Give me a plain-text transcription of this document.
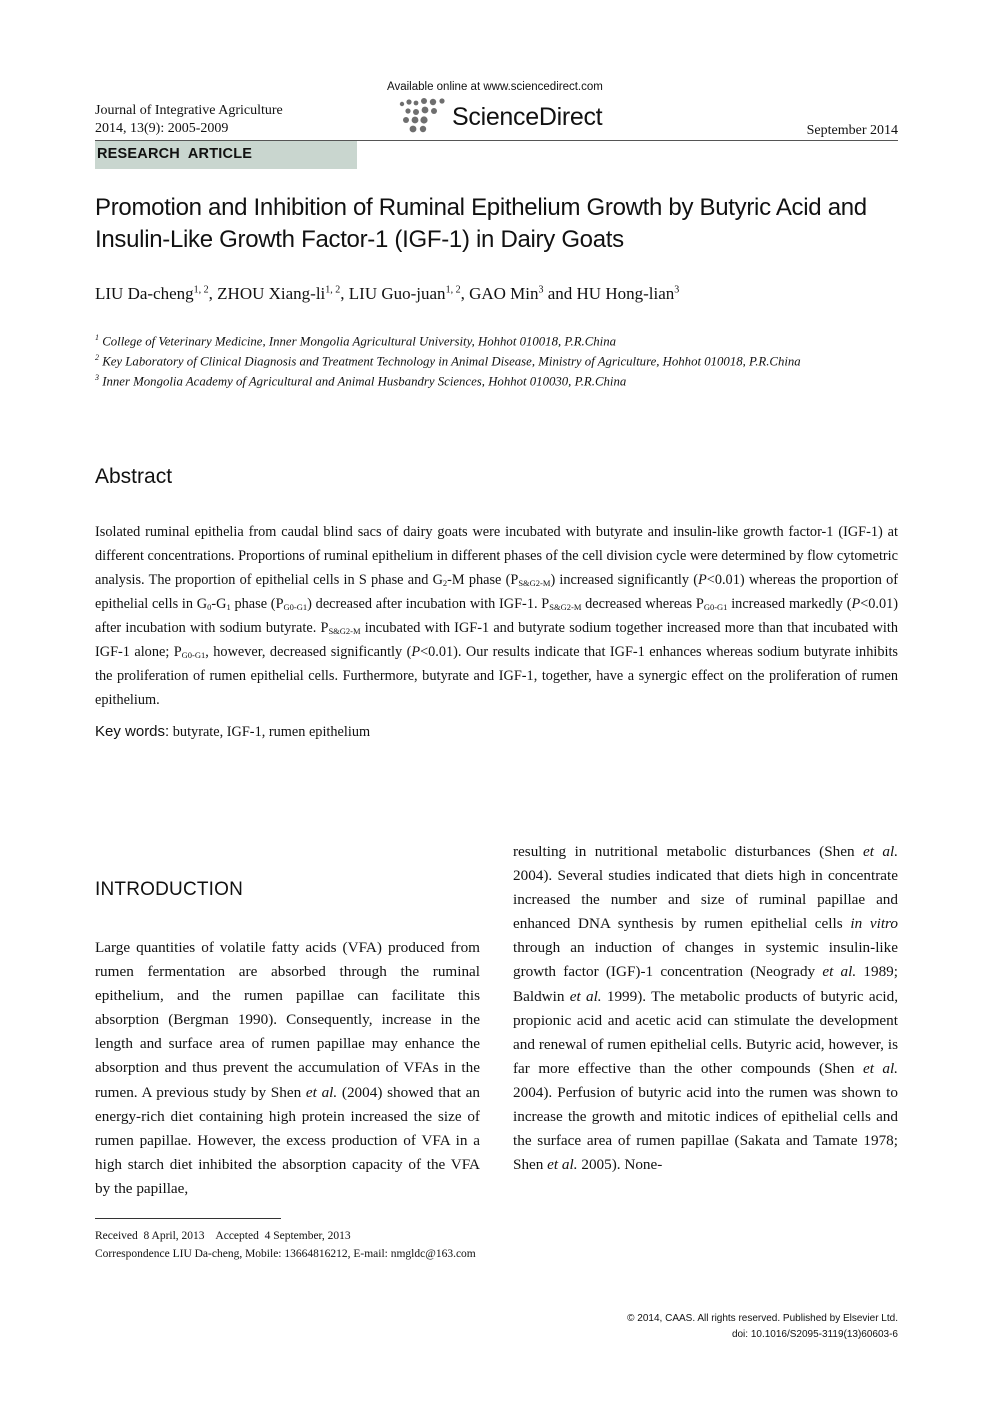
Journal of Integrative Agriculture
2014, 13(9): 2005-2009
Available online at www.sciencedirect.com
ScienceDirect	September 2014
RESEARCH  ARTICLE
Promotion and Inhibition of Ruminal Epithelium Growth by Butyric Acid and Insulin-Like Growth Factor-1 (IGF-1) in Dairy Goats
LIU Da-cheng$^{1, 2}$, ZHOU Xiang-li$^{1, 2}$, LIU Guo-juan$^{1, 2}$, GAO Min$^3$ and HU Hong-lian$^3$
$^1$ College of Veterinary Medicine, Inner Mongolia Agricultural University, Hohhot 010018, P.R.China
$^2$ Key Laboratory of Clinical Diagnosis and Treatment Technology in Animal Disease, Ministry of Agriculture, Hohhot 010018, P.R.China
$^3$ Inner Mongolia Academy of Agricultural and Animal Husbandry Sciences, Hohhot 010030, P.R.China
Abstract
Isolated ruminal epithelia from caudal blind sacs of dairy goats were incubated with butyrate and insulin-like growth factor-1 (IGF-1) at different concentrations. Proportions of ruminal epithelium in different phases of the cell division cycle were determined by flow cytometric analysis. The proportion of epithelial cells in S phase and $G_2-M$ phase $(P_{S\&G2-M})$ increased significantly (P<0.01) whereas the proportion of epithelial cells in $G_0-G_1$ phase $(P_{G0-G1})$ decreased after incubation with IGF-1. $P_{S\&G2-M}$ decreased whereas $P_{G0-G1}$ increased markedly (P<0.01) after incubation with sodium butyrate. $P_{S\&G2-M}$ incubated with IGF-1 and butyrate sodium together increased more than that incubated with IGF-1 alone; $P_{G0-G1}$, however, decreased significantly (P<0.01). Our results indicate that IGF-1 enhances whereas sodium butyrate inhibits the proliferation of rumen epithelial cells. Furthermore, butyrate and IGF-1, together, have a synergic effect on the proliferation of rumen epithelium.
Key words: butyrate, IGF-1, rumen epithelium
INTRODUCTION
Large quantities of volatile fatty acids (VFA) produced from rumen fermentation are absorbed through the ruminal epithelium, and the rumen papillae can facilitate this absorption (Bergman 1990). Consequently, increase in the length and surface area of rumen papillae may enhance the absorption and thus prevent the accumulation of VFAs in the rumen. A previous study by Shen et al. (2004) showed that an energy-rich diet containing high protein increased the size of rumen papillae. However, the excess production of VFA in a high starch diet inhibited the absorption capacity of the VFA by the papillae,
resulting in nutritional metabolic disturbances (Shen et al. 2004). Several studies indicated that diets high in concentrate increased the number and size of ruminal papillae and enhanced DNA synthesis by rumen epithelial cells in vitro through an induction of changes in systemic insulin-like growth factor (IGF)-1 concentration (Neogrady et al. 1989; Baldwin et al. 1999). The metabolic products of butyric acid, propionic acid and acetic acid can stimulate the development and renewal of rumen epithelial cells. Butyric acid, however, is far more effective than the other compounds (Shen et al. 2004). Perfusion of butyric acid into the rumen was shown to increase the growth and mitotic indices of epithelial cells and the surface area of rumen papillae (Sakata and Tamate 1978; Shen et al. 2005). None-
Received  8 April, 2013    Accepted  4 September, 2013
Correspondence LIU Da-cheng, Mobile: 13664816212, E-mail: nmgldc@163.com
© 2014, CAAS. All rights reserved. Published by Elsevier Ltd.
doi: 10.1016/S2095-3119(13)60603-6
